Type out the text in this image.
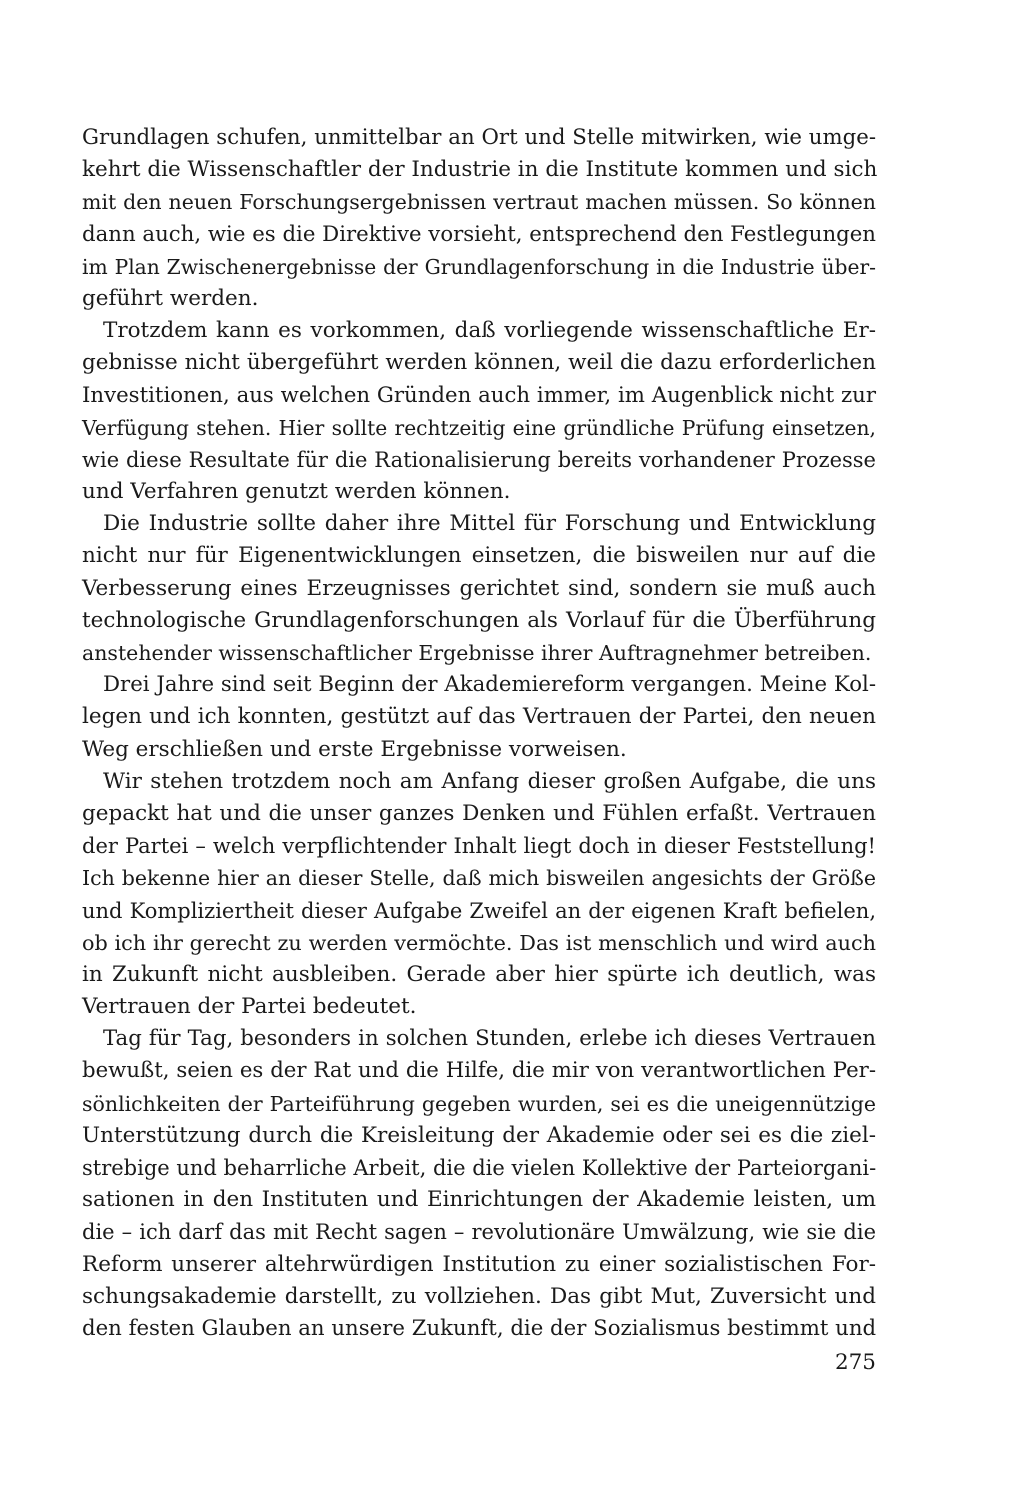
Grundlagen schufen, unmittelbar an Ort und Stelle mitwirken, wie umge-
kehrt die Wissenschaftler der Industrie in die Institute kommen und sich
mit den neuen Forschungsergebnissen vertraut machen müssen. So können
dann auch, wie es die Direktive vorsieht, entsprechend den Festlegungen
im Plan Zwischenergebnisse der Grundlagenforschung in die Industrie über-
geführt werden.
Trotzdem kann es vorkommen, daß vorliegende wissenschaftliche Er-
gebnisse nicht übergeführt werden können, weil die dazu erforderlichen
Investitionen, aus welchen Gründen auch immer, im Augenblick nicht zur
Verfügung stehen. Hier sollte rechtzeitig eine gründliche Prüfung einsetzen,
wie diese Resultate für die Rationalisierung bereits vorhandener Prozesse
und Verfahren genutzt werden können.
Die Industrie sollte daher ihre Mittel für Forschung und Entwicklung
nicht nur für Eigenentwicklungen einsetzen, die bisweilen nur auf die
Verbesserung eines Erzeugnisses gerichtet sind, sondern sie muß auch
technologische Grundlagenforschungen als Vorlauf für die Überführung
anstehender wissenschaftlicher Ergebnisse ihrer Auftragnehmer betreiben.
Drei Jahre sind seit Beginn der Akademiereform vergangen. Meine Kol-
legen und ich konnten, gestützt auf das Vertrauen der Partei, den neuen
Weg erschließen und erste Ergebnisse vorweisen.
Wir stehen trotzdem noch am Anfang dieser großen Aufgabe, die uns
gepackt hat und die unser ganzes Denken und Fühlen erfaßt. Vertrauen
der Partei – welch verpflichtender Inhalt liegt doch in dieser Feststellung!
Ich bekenne hier an dieser Stelle, daß mich bisweilen angesichts der Größe
und Kompliziertheit dieser Aufgabe Zweifel an der eigenen Kraft befielen,
ob ich ihr gerecht zu werden vermöchte. Das ist menschlich und wird auch
in Zukunft nicht ausbleiben. Gerade aber hier spürte ich deutlich, was
Vertrauen der Partei bedeutet.
Tag für Tag, besonders in solchen Stunden, erlebe ich dieses Vertrauen
bewußt, seien es der Rat und die Hilfe, die mir von verantwortlichen Per-
sönlichkeiten der Parteiführung gegeben wurden, sei es die uneigennützige
Unterstützung durch die Kreisleitung der Akademie oder sei es die ziel-
strebige und beharrliche Arbeit, die die vielen Kollektive der Parteiorgani-
sationen in den Instituten und Einrichtungen der Akademie leisten, um
die – ich darf das mit Recht sagen – revolutionäre Umwälzung, wie sie die
Reform unserer altehrwürdigen Institution zu einer sozialistischen For-
schungsakademie darstellt, zu vollziehen. Das gibt Mut, Zuversicht und
den festen Glauben an unsere Zukunft, die der Sozialismus bestimmt und
275
